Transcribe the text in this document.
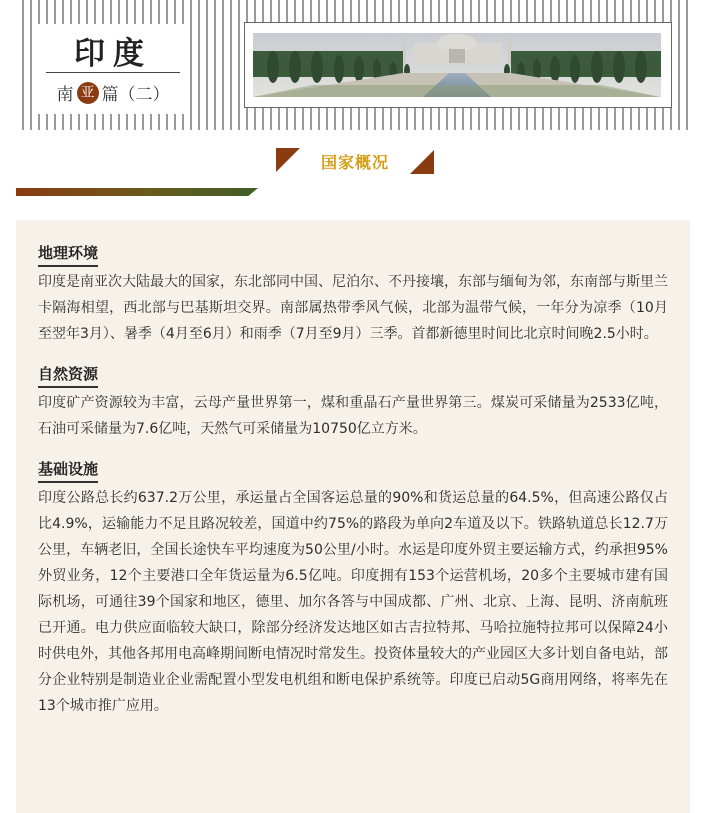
印度
南 亚 篇（二）
国家概况
地理环境

印度是南亚次大陆最大的国家，东北部同中国、尼泊尔、不丹接壤，东部与缅甸为邻，东南部与斯里兰卡隔海相望，西北部与巴基斯坦交界。南部属热带季风气候，北部为温带气候，一年分为凉季（10月至翌年3月）、暑季（4月至6月）和雨季（7月至9月）三季。首都新德里时间比北京时间晚2.5小时。

自然资源

印度矿产资源较为丰富，云母产量世界第一，煤和重晶石产量世界第三。煤炭可采储量为2533亿吨，石油可采储量为7.6亿吨，天然气可采储量为10750亿立方米。

基础设施

印度公路总长约637.2万公里，承运量占全国客运总量的90%和货运总量的64.5%，但高速公路仅占比4.9%，运输能力不足且路况较差，国道中约75%的路段为单向2车道及以下。铁路轨道总长12.7万公里，车辆老旧，全国长途快车平均速度为50公里/小时。水运是印度外贸主要运输方式，约承担95%外贸业务，12个主要港口全年货运量为6.5亿吨。印度拥有153个运营机场，20多个主要城市建有国际机场，可通往39个国家和地区，德里、加尔各答与中国成都、广州、北京、上海、昆明、济南航班已开通。电力供应面临较大缺口，除部分经济发达地区如古吉拉特邦、马哈拉施特拉邦可以保障24小时供电外，其他各邦用电高峰期间断电情况时常发生。投资体量较大的产业园区大多计划自备电站，部分企业特别是制造业企业需配置小型发电机组和断电保护系统等。印度已启动5G商用网络，将率先在13个城市推广应用。
